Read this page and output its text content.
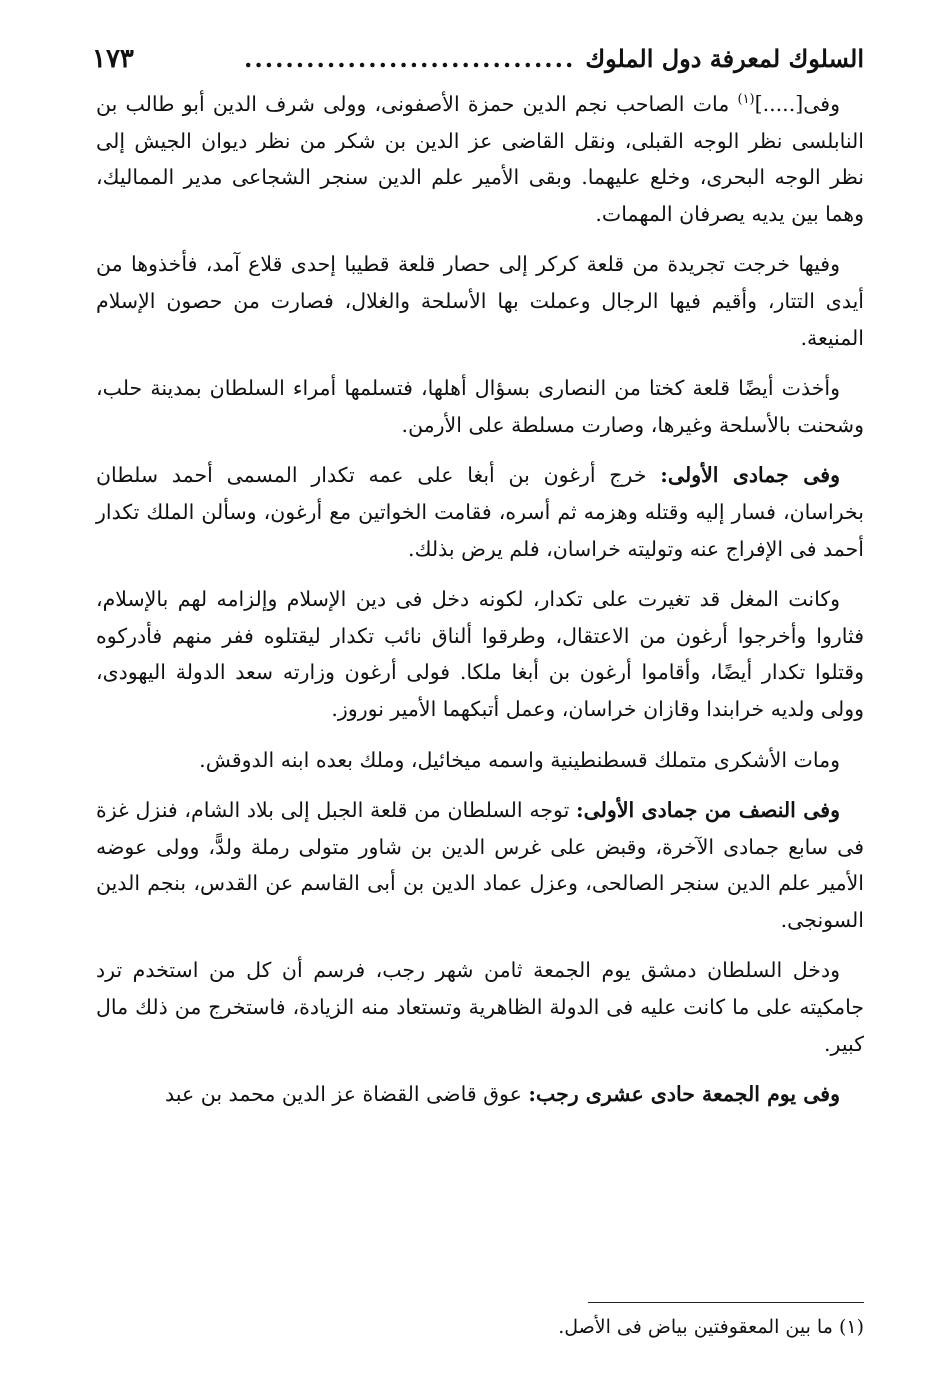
السلوك لمعرفة دول الملوك
................................
١٧٣

وفى[.....]$^{(١)}$ مات الصاحب نجم الدين حمزة الأصفونى، وولى شرف الدين أبو طالب بن النابلسى نظر الوجه القبلى، ونقل القاضى عز الدين بن شكر من نظر ديوان الجيش إلى نظر الوجه البحرى، وخلع عليهما. وبقى الأمير علم الدين سنجر الشجاعى مدير المماليك، وهما بين يديه يصرفان المهمات.

وفيها خرجت تجريدة من قلعة كركر إلى حصار قلعة قطيبا إحدى قلاع آمد، فأخذوها من أيدى التتار، وأقيم فيها الرجال وعملت بها الأسلحة والغلال، فصارت من حصون الإسلام المنيعة.

وأخذت أيضًا قلعة كختا من النصارى بسؤال أهلها، فتسلمها أمراء السلطان بمدينة حلب، وشحنت بالأسلحة وغيرها، وصارت مسلطة على الأرمن.

وفى جمادى الأولى: خرج أرغون بن أبغا على عمه تكدار المسمى أحمد سلطان بخراسان، فسار إليه وقتله وهزمه ثم أسره، فقامت الخواتين مع أرغون، وسألن الملك تكدار أحمد فى الإفراج عنه وتوليته خراسان، فلم يرض بذلك.

وكانت المغل قد تغيرت على تكدار، لكونه دخل فى دين الإسلام وإلزامه لهم بالإسلام، فثاروا وأخرجوا أرغون من الاعتقال، وطرقوا ألناق نائب تكدار ليقتلوه ففر منهم فأدركوه وقتلوا تكدار أيضًا، وأقاموا أرغون بن أبغا ملكا. فولى أرغون وزارته سعد الدولة اليهودى، وولى ولديه خرابندا وقازان خراسان، وعمل أتبكهما الأمير نوروز.

ومات الأشكرى متملك قسطنطينية واسمه ميخائيل، وملك بعده ابنه الدوقش.

وفى النصف من جمادى الأولى: توجه السلطان من قلعة الجبل إلى بلاد الشام، فنزل غزة فى سابع جمادى الآخرة، وقبض على غرس الدين بن شاور متولى رملة ولدًّ، وولى عوضه الأمير علم الدين سنجر الصالحى، وعزل عماد الدين بن أبى القاسم عن القدس، بنجم الدين السونجى.

ودخل السلطان دمشق يوم الجمعة ثامن شهر رجب، فرسم أن كل من استخدم ترد جامكيته على ما كانت عليه فى الدولة الظاهرية وتستعاد منه الزيادة، فاستخرج من ذلك مال كبير.

وفى يوم الجمعة حادى عشرى رجب: عوق قاضى القضاة عز الدين محمد بن عبد

(١) ما بين المعقوفتين بياض فى الأصل.
